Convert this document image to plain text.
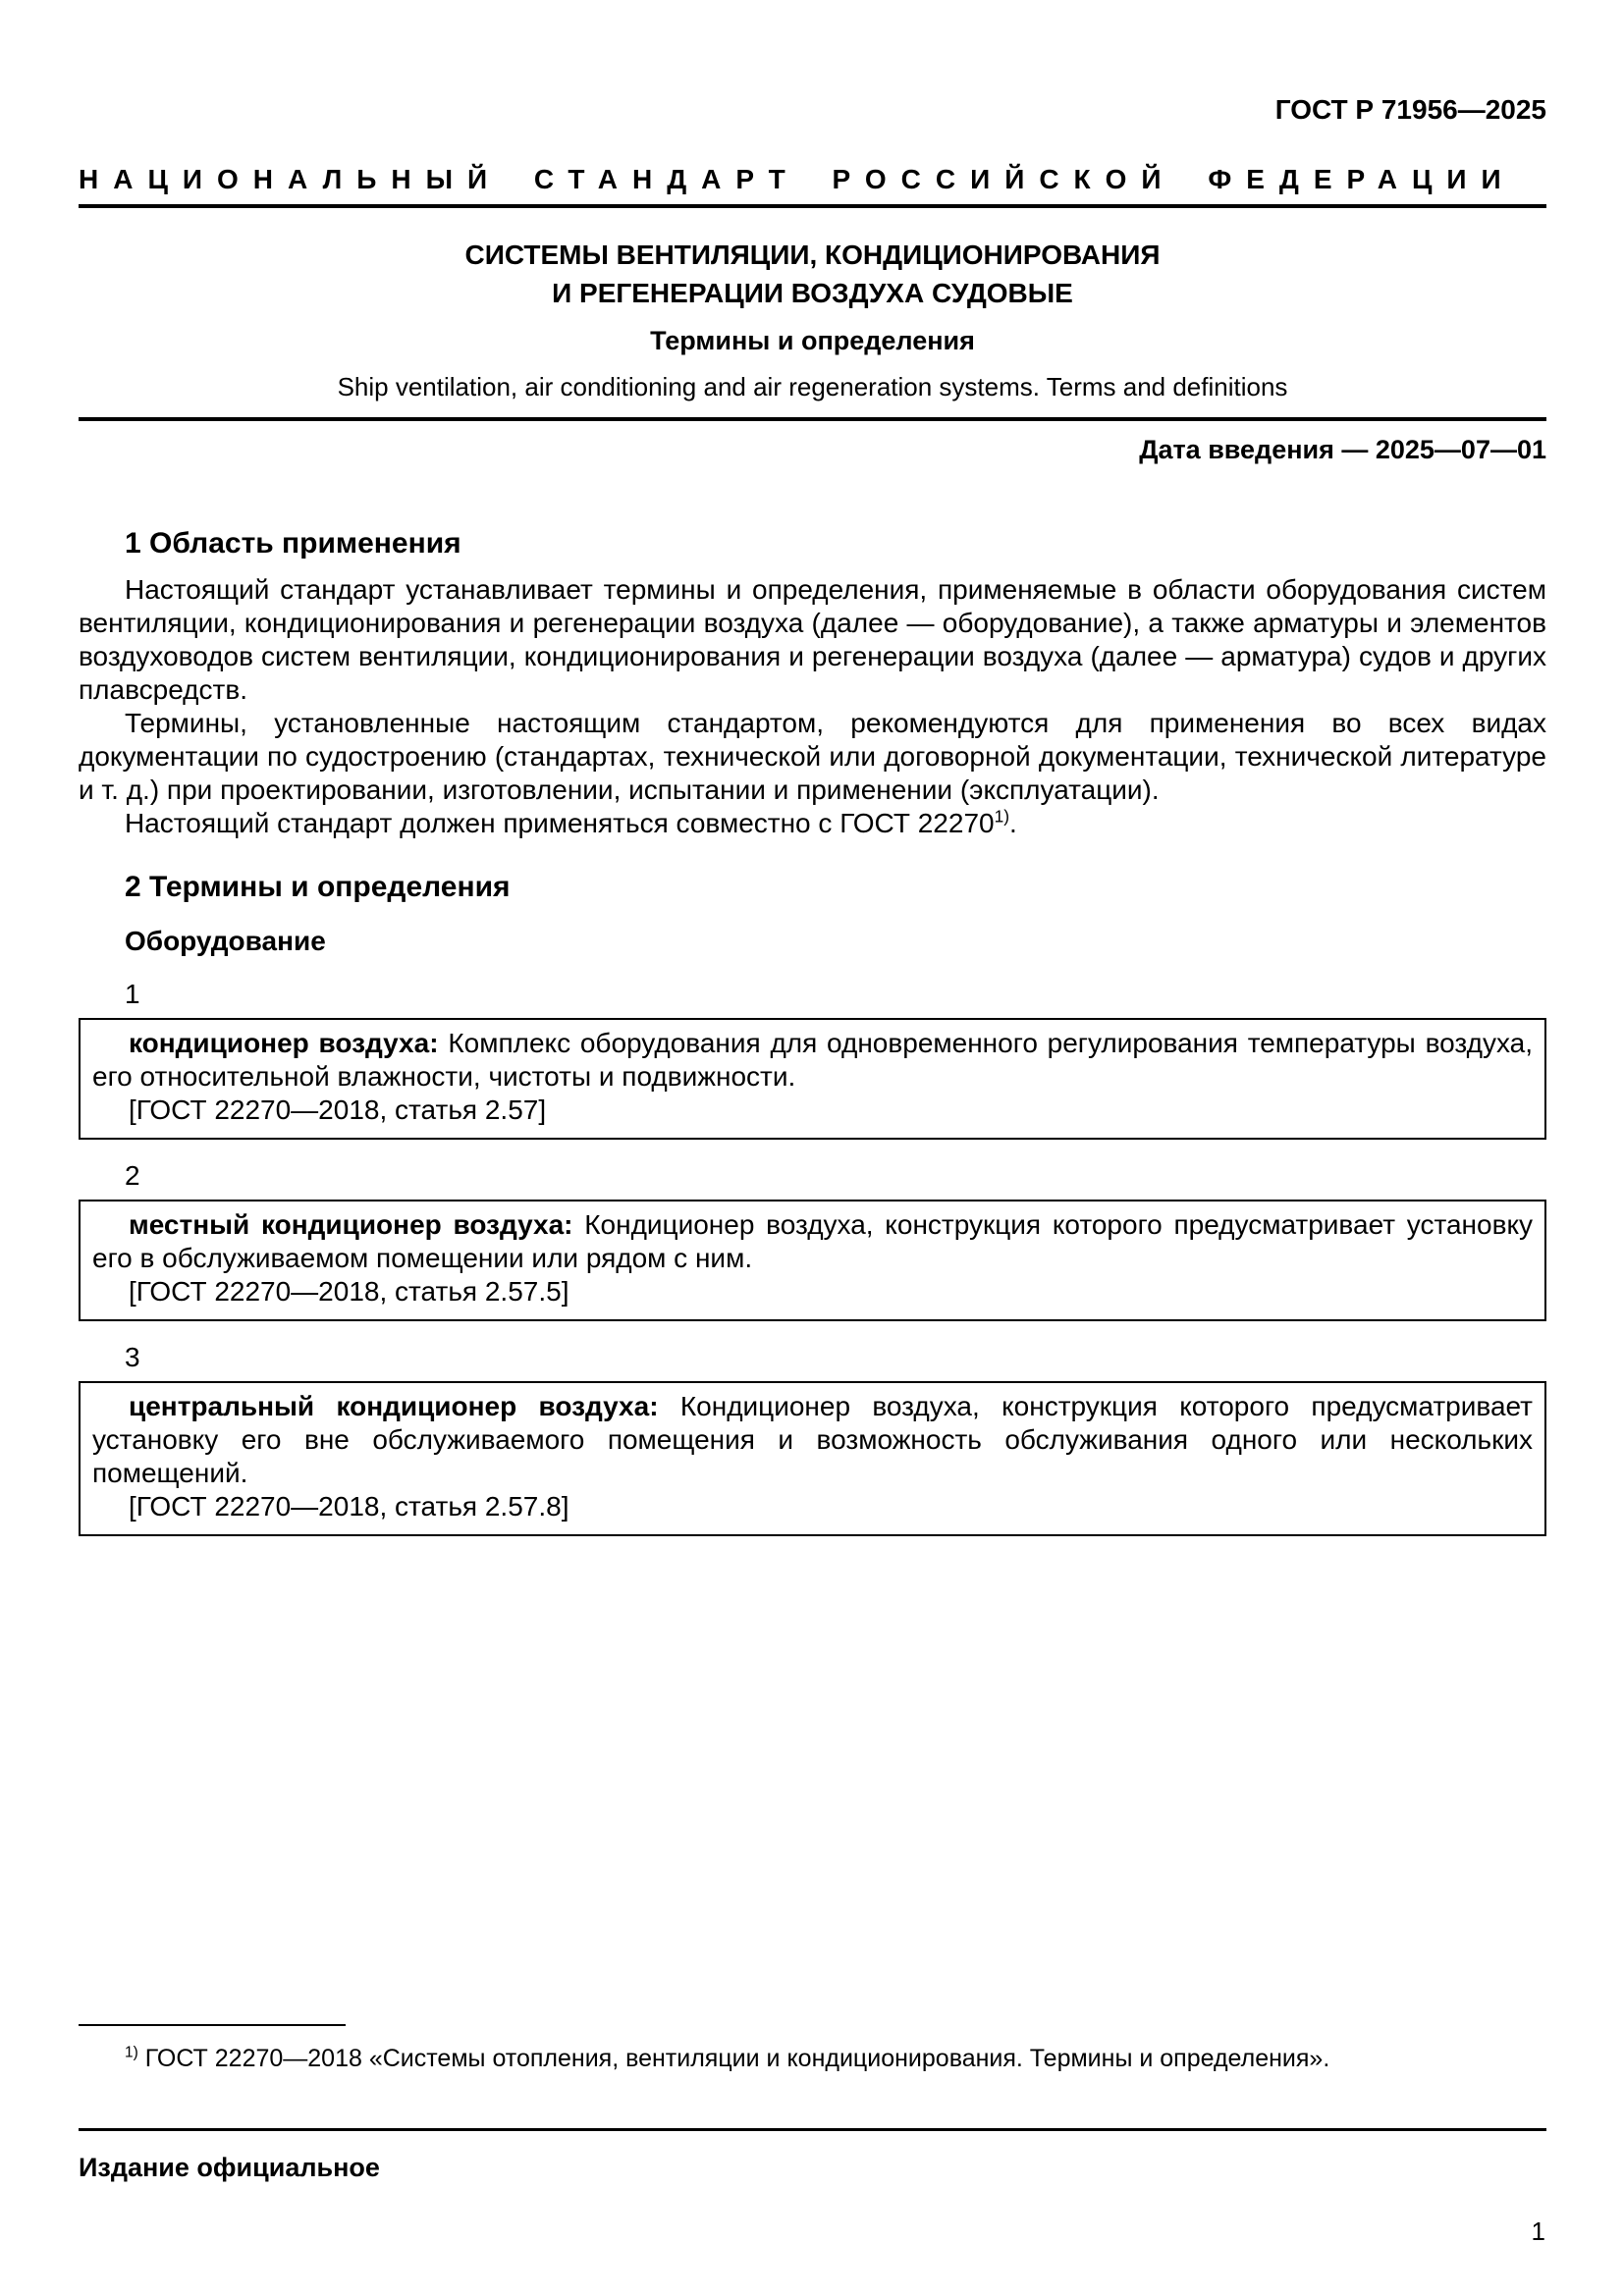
ГОСТ Р 71956—2025
НАЦИОНАЛЬНЫЙ СТАНДАРТ РОССИЙСКОЙ ФЕДЕРАЦИИ
СИСТЕМЫ ВЕНТИЛЯЦИИ, КОНДИЦИОНИРОВАНИЯ
И РЕГЕНЕРАЦИИ ВОЗДУХА СУДОВЫЕ
Термины и определения
Ship ventilation, air conditioning and air regeneration systems. Terms and definitions
Дата введения — 2025—07—01
1 Область применения

Настоящий стандарт устанавливает термины и определения, применяемые в области оборудования систем вентиляции, кондиционирования и регенерации воздуха (далее — оборудование), а также арматуры и элементов воздуховодов систем вентиляции, кондиционирования и регенерации воздуха (далее — арматура) судов и других плавсредств.

Термины, установленные настоящим стандартом, рекомендуются для применения во всех видах документации по судостроению (стандартах, технической или договорной документации, технической литературе и т. д.) при проектировании, изготовлении, испытании и применении (эксплуатации).

Настоящий стандарт должен применяться совместно с ГОСТ 22270$^{1)}$.

2 Термины и определения
Оборудование
1

кондиционер воздуха: Комплекс оборудования для одновременного регулирования температуры воздуха, его относительной влажности, чистоты и подвижности.

[ГОСТ 22270—2018, статья 2.57]

2

местный кондиционер воздуха: Кондиционер воздуха, конструкция которого предусматривает установку его в обслуживаемом помещении или рядом с ним.

[ГОСТ 22270—2018, статья 2.57.5]

3

центральный кондиционер воздуха: Кондиционер воздуха, конструкция которого предусматривает установку его вне обслуживаемого помещения и возможность обслуживания одного или нескольких помещений.

[ГОСТ 22270—2018, статья 2.57.8]

$^{1)}$ ГОСТ 22270—2018 «Системы отопления, вентиляции и кондиционирования. Термины и определения».
Издание официальное
1
